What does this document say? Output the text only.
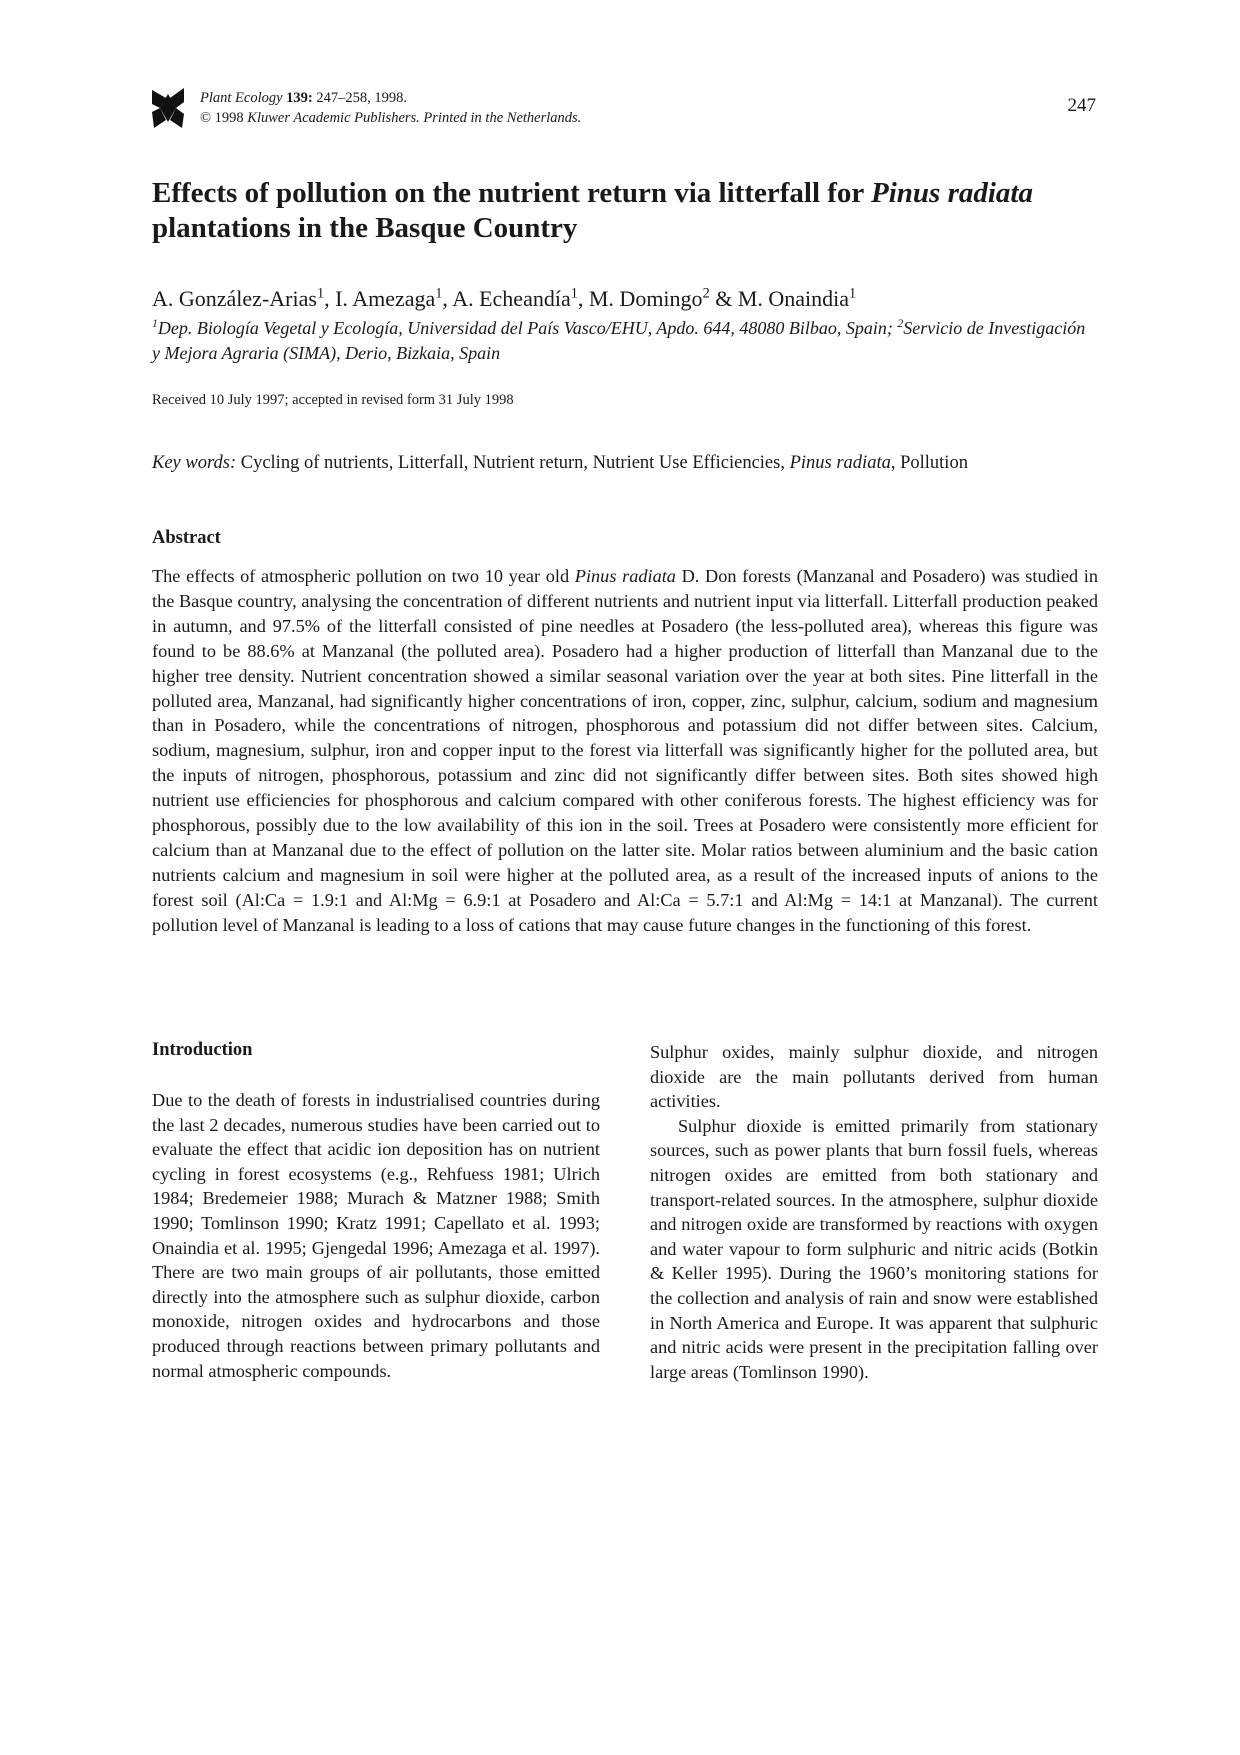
Plant Ecology 139: 247–258, 1998.
© 1998 Kluwer Academic Publishers. Printed in the Netherlands.
247
Effects of pollution on the nutrient return via litterfall for Pinus radiata plantations in the Basque Country
A. González-Arias$^1$, I. Amezaga$^1$, A. Echeandía$^1$, M. Domingo$^2$ & M. Onaindia$^1$
$^1$Dep. Biología Vegetal y Ecología, Universidad del País Vasco/EHU, Apdo. 644, 48080 Bilbao, Spain; $^2$Servicio de Investigación y Mejora Agraria (SIMA), Derio, Bizkaia, Spain
Received 10 July 1997; accepted in revised form 31 July 1998
Key words: Cycling of nutrients, Litterfall, Nutrient return, Nutrient Use Efficiencies, Pinus radiata, Pollution
Abstract
The effects of atmospheric pollution on two 10 year old Pinus radiata D. Don forests (Manzanal and Posadero) was studied in the Basque country, analysing the concentration of different nutrients and nutrient input via litterfall. Litterfall production peaked in autumn, and 97.5% of the litterfall consisted of pine needles at Posadero (the less-polluted area), whereas this figure was found to be 88.6% at Manzanal (the polluted area). Posadero had a higher production of litterfall than Manzanal due to the higher tree density. Nutrient concentration showed a similar seasonal variation over the year at both sites. Pine litterfall in the polluted area, Manzanal, had significantly higher concentrations of iron, copper, zinc, sulphur, calcium, sodium and magnesium than in Posadero, while the concentrations of nitrogen, phosphorous and potassium did not differ between sites. Calcium, sodium, magnesium, sulphur, iron and copper input to the forest via litterfall was significantly higher for the polluted area, but the inputs of nitrogen, phosphorous, potassium and zinc did not significantly differ between sites. Both sites showed high nutrient use efficiencies for phosphorous and calcium compared with other coniferous forests. The highest efficiency was for phosphorous, possibly due to the low availability of this ion in the soil. Trees at Posadero were consistently more efficient for calcium than at Manzanal due to the effect of pollution on the latter site. Molar ratios between aluminium and the basic cation nutrients calcium and magnesium in soil were higher at the polluted area, as a result of the increased inputs of anions to the forest soil (Al:Ca = 1.9:1 and Al:Mg = 6.9:1 at Posadero and Al:Ca = 5.7:1 and Al:Mg = 14:1 at Manzanal). The current pollution level of Manzanal is leading to a loss of cations that may cause future changes in the functioning of this forest.
Introduction

Due to the death of forests in industrialised countries during the last 2 decades, numerous studies have been carried out to evaluate the effect that acidic ion deposition has on nutrient cycling in forest ecosystems (e.g., Rehfuess 1981; Ulrich 1984; Bredemeier 1988; Murach & Matzner 1988; Smith 1990; Tomlinson 1990; Kratz 1991; Capellato et al. 1993; Onaindia et al. 1995; Gjengedal 1996; Amezaga et al. 1997). There are two main groups of air pollutants, those emitted directly into the atmosphere such as sulphur dioxide, carbon monoxide, nitrogen oxides and hydrocarbons and those produced through reactions between primary pollutants and normal atmospheric compounds.

Sulphur oxides, mainly sulphur dioxide, and nitrogen dioxide are the main pollutants derived from human activities.

Sulphur dioxide is emitted primarily from stationary sources, such as power plants that burn fossil fuels, whereas nitrogen oxides are emitted from both stationary and transport-related sources. In the atmosphere, sulphur dioxide and nitrogen oxide are transformed by reactions with oxygen and water vapour to form sulphuric and nitric acids (Botkin & Keller 1995). During the 1960’s monitoring stations for the collection and analysis of rain and snow were established in North America and Europe. It was apparent that sulphuric and nitric acids were present in the precipitation falling over large areas (Tomlinson 1990).
